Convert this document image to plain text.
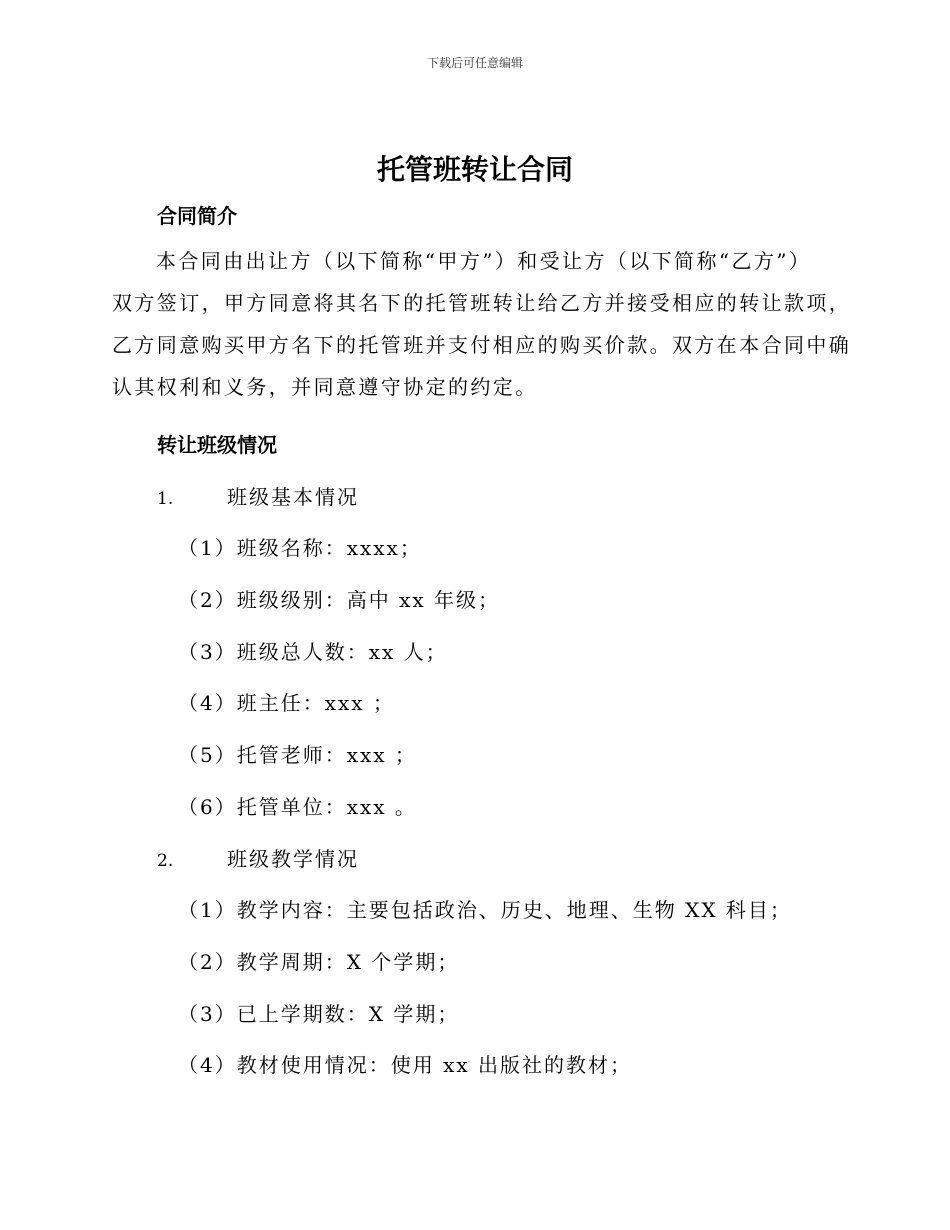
下载后可任意编辑
托管班转让合同
合同简介
本合同由出让方（以下简称“甲方”）和受让方（以下简称“乙方”）
双方签订，甲方同意将其名下的托管班转让给乙方并接受相应的转让款项，
乙方同意购买甲方名下的托管班并支付相应的购买价款。双方在本合同中确
认其权利和义务，并同意遵守协定的约定。
转让班级情况
1.	班级基本情况
（1）班级名称：xxxx；
（2）班级级别：高中 xx 年级；
（3）班级总人数：xx 人；
（4）班主任：xxx ；
（5）托管老师：xxx ；
（6）托管单位：xxx 。
2.	班级教学情况
（1）教学内容：主要包括政治、历史、地理、生物 XX 科目；
（2）教学周期：X 个学期；
（3）已上学期数：X 学期；
（4）教材使用情况：使用 xx 出版社的教材；
